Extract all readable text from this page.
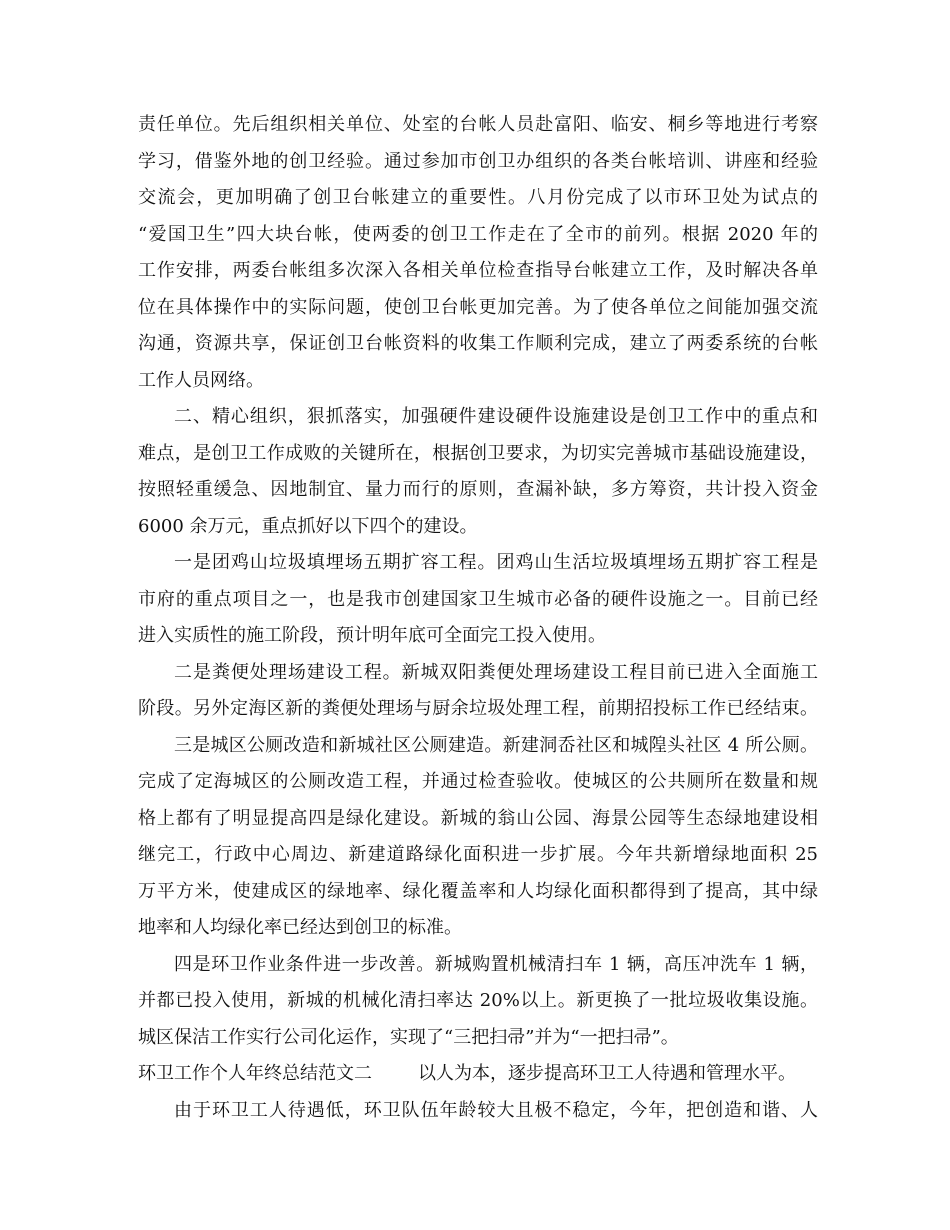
责任单位。先后组织相关单位、处室的台帐人员赴富阳、临安、桐乡等地进行考察
学习，借鉴外地的创卫经验。通过参加市创卫办组织的各类台帐培训、讲座和经验
交流会，更加明确了创卫台帐建立的重要性。八月份完成了以市环卫处为试点的
“爱国卫生”四大块台帐，使两委的创卫工作走在了全市的前列。根据 2020 年的
工作安排，两委台帐组多次深入各相关单位检查指导台帐建立工作，及时解决各单
位在具体操作中的实际问题，使创卫台帐更加完善。为了使各单位之间能加强交流
沟通，资源共享，保证创卫台帐资料的收集工作顺利完成，建立了两委系统的台帐
工作人员网络。
二、精心组织，狠抓落实，加强硬件建设硬件设施建设是创卫工作中的重点和
难点，是创卫工作成败的关键所在，根据创卫要求，为切实完善城市基础设施建设，
按照轻重缓急、因地制宜、量力而行的原则，查漏补缺，多方筹资，共计投入资金
6000 余万元，重点抓好以下四个的建设。
一是团鸡山垃圾填埋场五期扩容工程。团鸡山生活垃圾填埋场五期扩容工程是
市府的重点项目之一，也是我市创建国家卫生城市必备的硬件设施之一。目前已经
进入实质性的施工阶段，预计明年底可全面完工投入使用。
二是粪便处理场建设工程。新城双阳粪便处理场建设工程目前已进入全面施工
阶段。另外定海区新的粪便处理场与厨余垃圾处理工程，前期招投标工作已经结束。
三是城区公厕改造和新城社区公厕建造。新建洞岙社区和城隍头社区 4 所公厕。
完成了定海城区的公厕改造工程，并通过检查验收。使城区的公共厕所在数量和规
格上都有了明显提高四是绿化建设。新城的翁山公园、海景公园等生态绿地建设相
继完工，行政中心周边、新建道路绿化面积进一步扩展。今年共新增绿地面积 25
万平方米，使建成区的绿地率、绿化覆盖率和人均绿化面积都得到了提高，其中绿
地率和人均绿化率已经达到创卫的标准。
四是环卫作业条件进一步改善。新城购置机械清扫车 1 辆，高压冲洗车 1 辆，
并都已投入使用，新城的机械化清扫率达 20%以上。新更换了一批垃圾收集设施。
城区保洁工作实行公司化运作，实现了“三把扫帚”并为“一把扫帚”。
环卫工作个人年终总结范文二	以人为本，逐步提高环卫工人待遇和管理水平。
由于环卫工人待遇低，环卫队伍年龄较大且极不稳定，今年，把创造和谐、人
